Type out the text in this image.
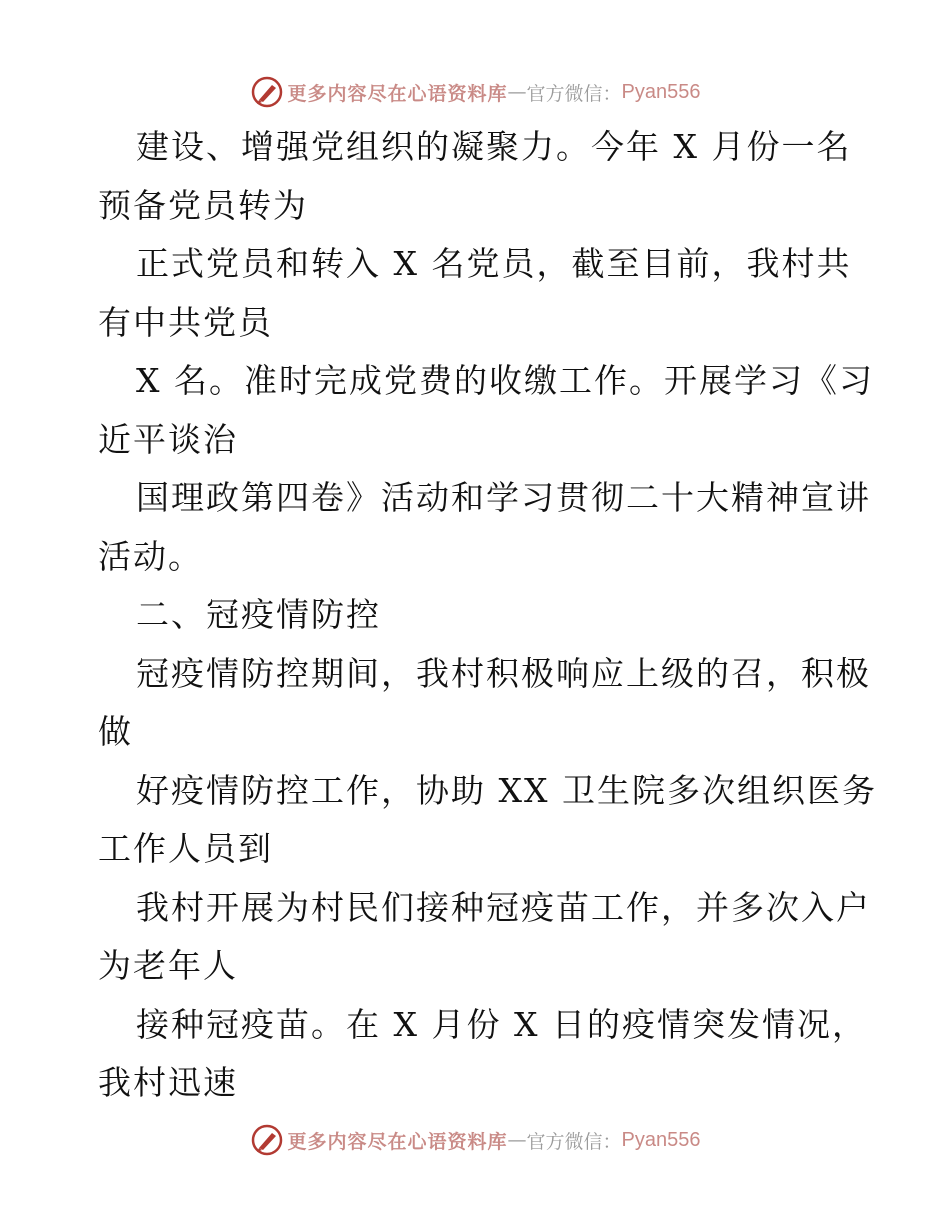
更多内容尽在心语资料库 — 官方微信： Pyan556
建设、增强党组织的凝聚力。今年 X 月份一名
预备党员转为
正式党员和转入 X 名党员，截至目前，我村共
有中共党员
X 名。准时完成党费的收缴工作。开展学习《习
近平谈治
国理政第四卷》活动和学习贯彻二十大精神宣讲
活动。
二、冠疫情防控
冠疫情防控期间，我村积极响应上级的召，积极
做
好疫情防控工作，协助 XX 卫生院多次组织医务
工作人员到
我村开展为村民们接种冠疫苗工作，并多次入户
为老年人
接种冠疫苗。在 X 月份 X 日的疫情突发情况，
我村迅速
更多内容尽在心语资料库 — 官方微信： Pyan556
